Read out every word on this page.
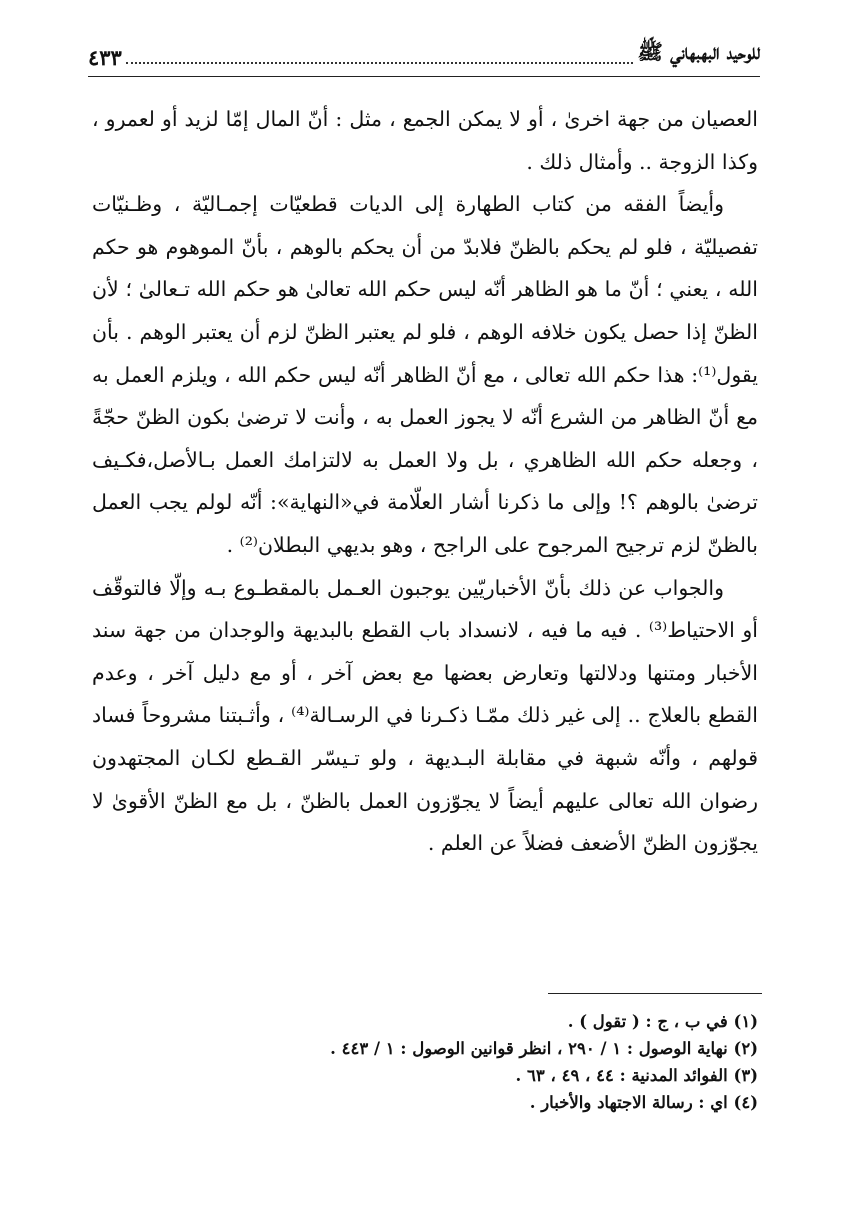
للوحيد البهبهاني ﷺ
٤٣٣

العصيان من جهة اخرىٰ ، أو لا يمكن الجمع ، مثل : أنّ المال إمّا لزيد أو لعمرو ، وكذا الزوجة .. وأمثال ذلك .

وأيضاً الفقه من كتاب الطهارة إلى الديات قطعيّات إجمـاليّة ، وظـنيّات تفصيليّة ، فلو لم يحكم بالظنّ فلابدّ من أن يحكم بالوهم ، بأنّ الموهوم هو حكم الله ، يعني ؛ أنّ ما هو الظاهر أنّه ليس حكم الله تعالىٰ هو حكم الله تـعالىٰ ؛ لأن الظنّ إذا حصل يكون خلافه الوهم ، فلو لم يعتبر الظنّ لزم أن يعتبر الوهم . بأن يقول⁽¹⁾: هذا حكم الله تعالى ، مع أنّ الظاهر أنّه ليس حكم الله ، ويلزم العمل به مع أنّ الظاهر من الشرع أنّه لا يجوز العمل به ، وأنت لا ترضىٰ بكون الظنّ حجّةً ، وجعله حكم الله الظاهري ، بل ولا العمل به لالتزامك العمل بـالأصل،فكـيف ترضىٰ بالوهم ؟! وإلى ما ذكرنا أشار العلّامة في«النهاية»: أنّه لولم يجب العمل بالظنّ لزم ترجيح المرجوح على الراجح ، وهو بديهي البطلان⁽²⁾ .

والجواب عن ذلك بأنّ الأخباريّين يوجبون العـمل بالمقطـوع بـه وإلّا فالتوقّف أو الاحتياط⁽³⁾ . فيه ما فيه ، لانسداد باب القطع بالبديهة والوجدان من جهة سند الأخبار ومتنها ودلالتها وتعارض بعضها مع بعض آخر ، أو مع دليل آخر ، وعدم القطع بالعلاج .. إلى غير ذلك ممّـا ذكـرنا في الرسـالة⁽⁴⁾ ، وأثـبتنا مشروحاً فساد قولهم ، وأنّه شبهة في مقابلة البـديهة ، ولو تـيسّر القـطع لكـان المجتهدون رضوان الله تعالى عليهم أيضاً لا يجوّزون العمل بالظنّ ، بل مع الظنّ الأقوىٰ لا يجوّزون الظنّ الأضعف فضلاً عن العلم .

(١) في ب ، ج : ( تقول ) .

(٢) نهاية الوصول : ١ / ٢٩٠ ، انظر قوانين الوصول : ١ / ٤٤٣ .

(٣) الفوائد المدنية : ٤٤ ، ٤٩ ، ٦٣ .

(٤) اي : رسالة الاجتهاد والأخبار .
